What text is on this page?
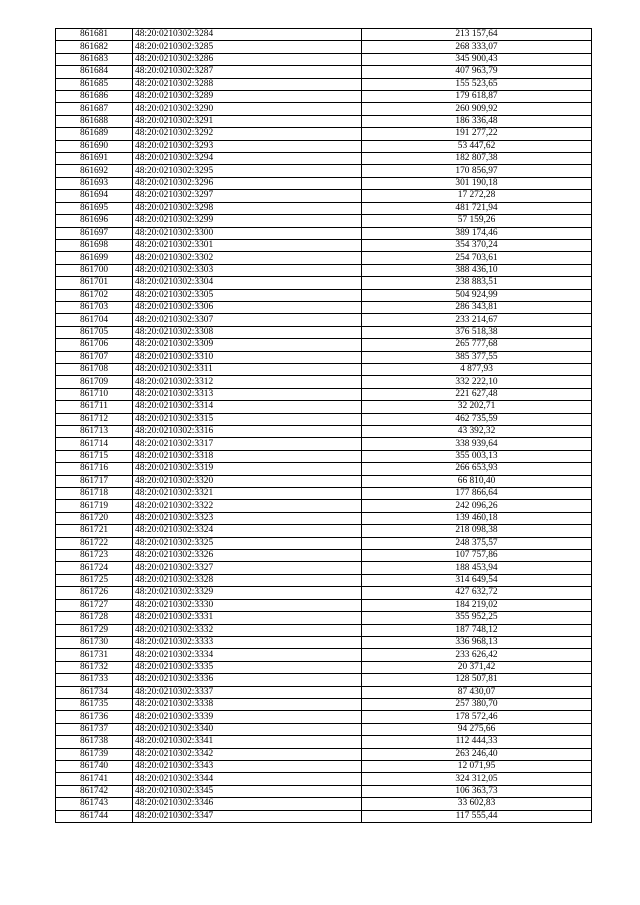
861681	48:20:0210302:3284	213 157,64
861682	48:20:0210302:3285	268 333,07
861683	48:20:0210302:3286	345 900,43
861684	48:20:0210302:3287	407 963,79
861685	48:20:0210302:3288	155 523,65
861686	48:20:0210302:3289	179 618,87
861687	48:20:0210302:3290	260 909,92
861688	48:20:0210302:3291	186 336,48
861689	48:20:0210302:3292	191 277,22
861690	48:20:0210302:3293	53 447,62
861691	48:20:0210302:3294	182 807,38
861692	48:20:0210302:3295	170 856,97
861693	48:20:0210302:3296	301 190,18
861694	48:20:0210302:3297	17 272,28
861695	48:20:0210302:3298	481 721,94
861696	48:20:0210302:3299	57 159,26
861697	48:20:0210302:3300	389 174,46
861698	48:20:0210302:3301	354 370,24
861699	48:20:0210302:3302	254 703,61
861700	48:20:0210302:3303	388 436,10
861701	48:20:0210302:3304	238 883,51
861702	48:20:0210302:3305	504 924,99
861703	48:20:0210302:3306	286 343,81
861704	48:20:0210302:3307	233 214,67
861705	48:20:0210302:3308	376 518,38
861706	48:20:0210302:3309	265 777,68
861707	48:20:0210302:3310	385 377,55
861708	48:20:0210302:3311	4 877,93
861709	48:20:0210302:3312	332 222,10
861710	48:20:0210302:3313	221 627,48
861711	48:20:0210302:3314	32 202,71
861712	48:20:0210302:3315	462 735,59
861713	48:20:0210302:3316	43 392,32
861714	48:20:0210302:3317	338 939,64
861715	48:20:0210302:3318	355 003,13
861716	48:20:0210302:3319	266 653,93
861717	48:20:0210302:3320	66 810,40
861718	48:20:0210302:3321	177 866,64
861719	48:20:0210302:3322	242 096,26
861720	48:20:0210302:3323	139 460,18
861721	48:20:0210302:3324	218 098,38
861722	48:20:0210302:3325	248 375,57
861723	48:20:0210302:3326	107 757,86
861724	48:20:0210302:3327	188 453,94
861725	48:20:0210302:3328	314 649,54
861726	48:20:0210302:3329	427 632,72
861727	48:20:0210302:3330	184 219,02
861728	48:20:0210302:3331	355 952,25
861729	48:20:0210302:3332	187 748,12
861730	48:20:0210302:3333	336 968,13
861731	48:20:0210302:3334	233 626,42
861732	48:20:0210302:3335	20 371,42
861733	48:20:0210302:3336	128 507,81
861734	48:20:0210302:3337	87 430,07
861735	48:20:0210302:3338	257 380,70
861736	48:20:0210302:3339	178 572,46
861737	48:20:0210302:3340	94 275,66
861738	48:20:0210302:3341	112 444,33
861739	48:20:0210302:3342	263 246,40
861740	48:20:0210302:3343	12 071,95
861741	48:20:0210302:3344	324 312,05
861742	48:20:0210302:3345	106 363,73
861743	48:20:0210302:3346	33 602,83
861744	48:20:0210302:3347	117 555,44
